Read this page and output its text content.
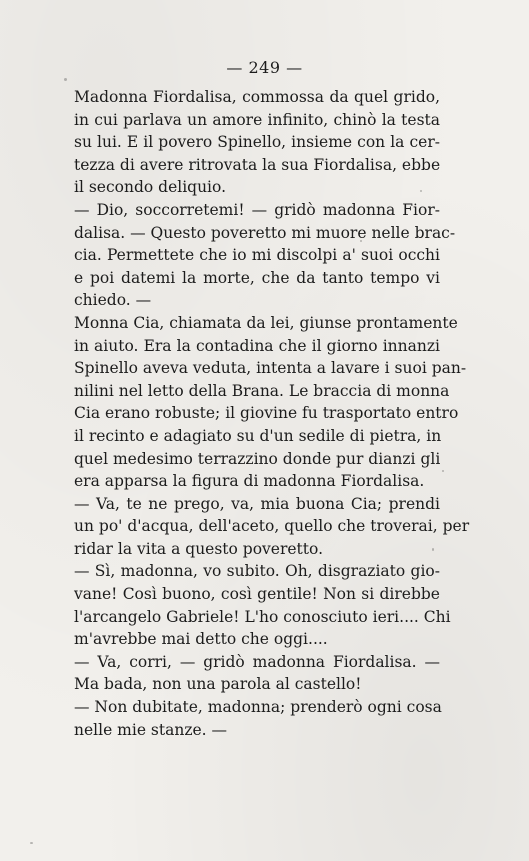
— 249 —

Madonna Fiordalisa, commossa da quel grido,
in cui parlava un amore infinito, chinò la testa
su lui. E il povero Spinello, insieme con la cer-
tezza di avere ritrovata la sua Fiordalisa, ebbe
il secondo deliquio.

— Dio, soccorretemi! — gridò madonna Fior-
dalisa. — Questo poveretto mi muore nelle brac-
cia. Permettete che io mi discolpi a' suoi occhi
e poi datemi la morte, che da tanto tempo vi
chiedo. —

Monna Cia, chiamata da lei, giunse prontamente
in aiuto. Era la contadina che il giorno innanzi
Spinello aveva veduta, intenta a lavare i suoi pan-
nilini nel letto della Brana. Le braccia di monna
Cia erano robuste; il giovine fu trasportato entro
il recinto e adagiato su d'un sedile di pietra, in
quel medesimo terrazzino donde pur dianzi gli
era apparsa la figura di madonna Fiordalisa.

— Va, te ne prego, va, mia buona Cia; prendi
un po' d'acqua, dell'aceto, quello che troverai, per
ridar la vita a questo poveretto.

— Sì, madonna, vo subito. Oh, disgraziato gio-
vane! Così buono, così gentile! Non si direbbe
l'arcangelo Gabriele! L'ho conosciuto ieri.... Chi
m'avrebbe mai detto che oggi....

— Va, corri, — gridò madonna Fiordalisa. —
Ma bada, non una parola al castello!

— Non dubitate, madonna; prenderò ogni cosa
nelle mie stanze. —
